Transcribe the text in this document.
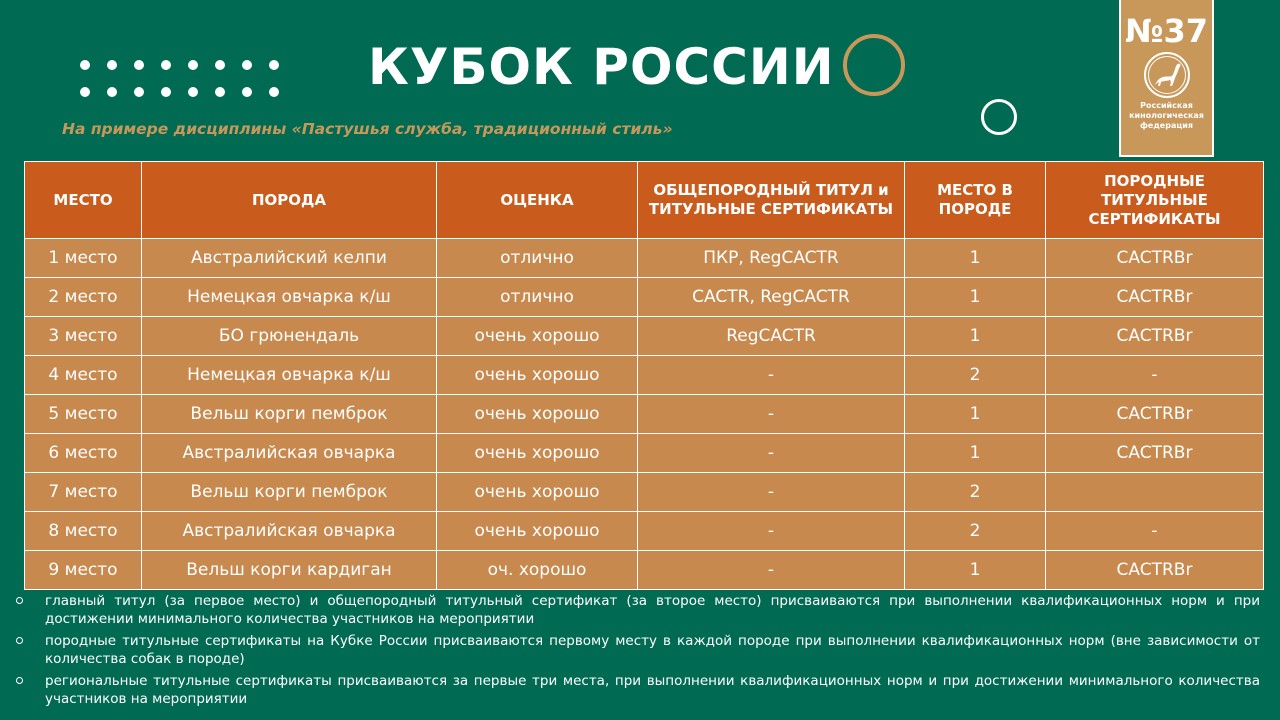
КУБОК РОССИИ
На примере дисциплины «Пастушья служба, традиционный стиль»
№37
Российская
кинологическая
федерация
МЕСТО	ПОРОДА	ОЦЕНКА	ОБЩЕПОРОДНЫЙ ТИТУЛ и ТИТУЛЬНЫЕ СЕРТИФИКАТЫ	МЕСТО В ПОРОДЕ	ПОРОДНЫЕ ТИТУЛЬНЫЕ СЕРТИФИКАТЫ
1 место	Австралийский келпи	отлично	ПКР, RegCACTR	1	CACTRBr
2 место	Немецкая овчарка к/ш	отлично	CACTR, RegCACTR	1	CACTRBr
3 место	БО грюнендаль	очень хорошо	RegCACTR	1	CACTRBr
4 место	Немецкая овчарка к/ш	очень хорошо	-	2	-
5 место	Вельш корги пемброк	очень хорошо	-	1	CACTRBr
6 место	Австралийская овчарка	очень хорошо	-	1	CACTRBr
7 место	Вельш корги пемброк	очень хорошо	-	2	
8 место	Австралийская овчарка	очень хорошо	-	2	-
9 место	Вельш корги кардиган	оч. хорошо	-	1	CACTRBr
главный титул (за первое место) и общепородный титульный сертификат (за второе место) присваиваются при выполнении квалификационных норм и при достижении минимального количества участников на мероприятии
породные титульные сертификаты на Кубке России присваиваются первому месту в каждой породе при выполнении квалификационных норм (вне зависимости от количества собак в породе)
региональные титульные сертификаты присваиваются за первые три места, при выполнении квалификационных норм и при достижении минимального количества участников на мероприятии
